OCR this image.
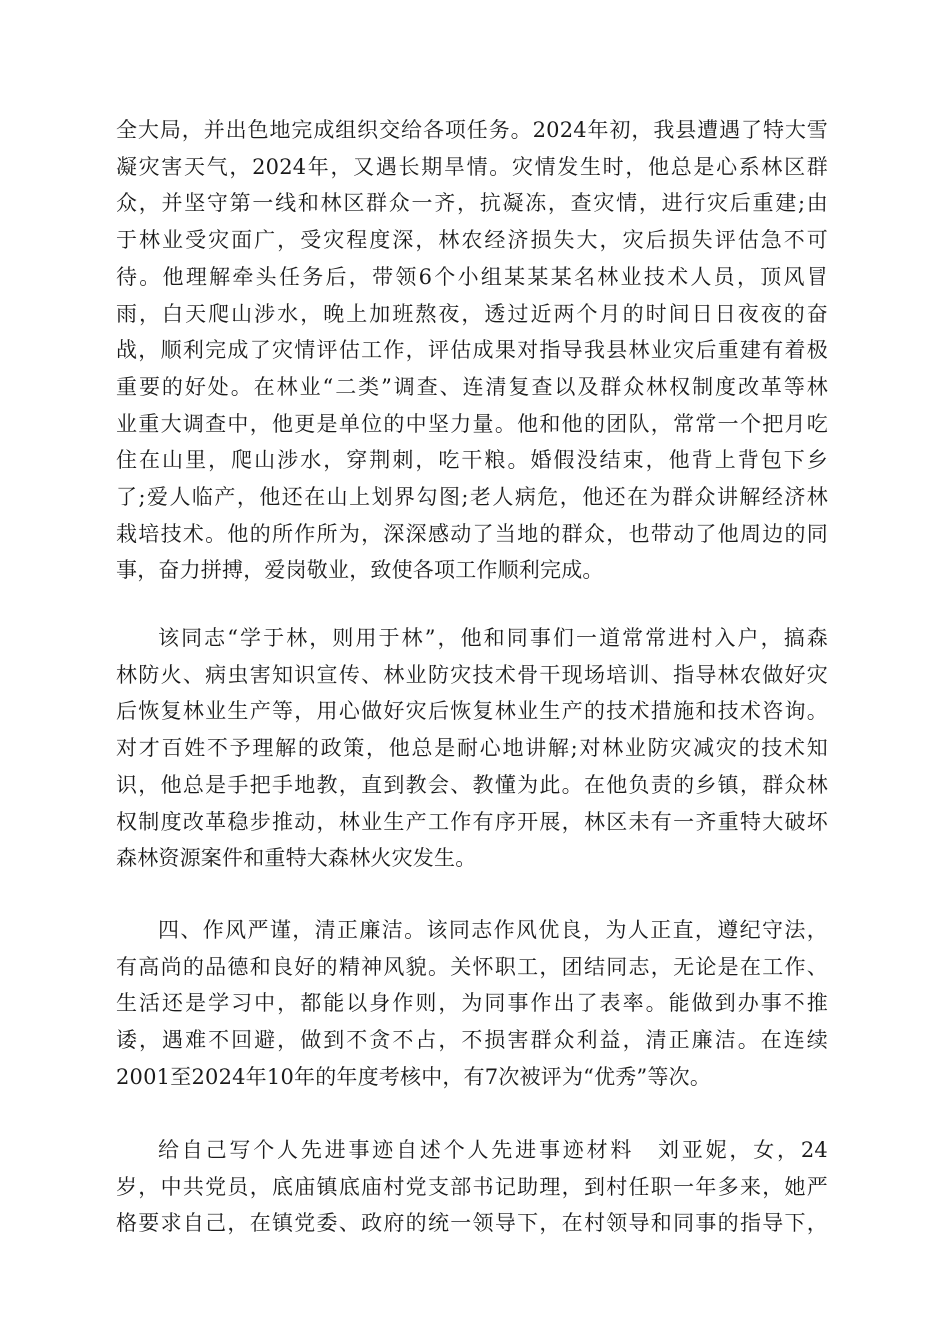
全大局，并出色地完成组织交给各项任务。2024年初，我县遭遇了特大雪
凝灾害天气，2024年，又遇长期旱情。灾情发生时，他总是心系林区群
众，并坚守第一线和林区群众一齐，抗凝冻，查灾情，进行灾后重建;由
于林业受灾面广，受灾程度深，林农经济损失大，灾后损失评估急不可
待。他理解牵头任务后，带领6个小组某某某名林业技术人员，顶风冒
雨，白天爬山涉水，晚上加班熬夜，透过近两个月的时间日日夜夜的奋
战，顺利完成了灾情评估工作，评估成果对指导我县林业灾后重建有着极
重要的好处。在林业“二类”调查、连清复查以及群众林权制度改革等林
业重大调查中，他更是单位的中坚力量。他和他的团队，常常一个把月吃
住在山里，爬山涉水，穿荆刺，吃干粮。婚假没结束，他背上背包下乡
了;爱人临产，他还在山上划界勾图;老人病危，他还在为群众讲解经济林
栽培技术。他的所作所为，深深感动了当地的群众，也带动了他周边的同
事，奋力拼搏，爱岗敬业，致使各项工作顺利完成。
该同志“学于林，则用于林”，他和同事们一道常常进村入户，搞森
林防火、病虫害知识宣传、林业防灾技术骨干现场培训、指导林农做好灾
后恢复林业生产等，用心做好灾后恢复林业生产的技术措施和技术咨询。
对才百姓不予理解的政策，他总是耐心地讲解;对林业防灾减灾的技术知
识，他总是手把手地教，直到教会、教懂为此。在他负责的乡镇，群众林
权制度改革稳步推动，林业生产工作有序开展，林区未有一齐重特大破坏
森林资源案件和重特大森林火灾发生。
四、作风严谨，清正廉洁。该同志作风优良，为人正直，遵纪守法，
有高尚的品德和良好的精神风貌。关怀职工，团结同志，无论是在工作、
生活还是学习中，都能以身作则，为同事作出了表率。能做到办事不推
诿，遇难不回避，做到不贪不占，不损害群众利益，清正廉洁。在连续
2001至2024年10年的年度考核中，有7次被评为“优秀”等次。
给自己写个人先进事迹自述个人先进事迹材料　刘亚妮，女，24
岁，中共党员，底庙镇底庙村党支部书记助理，到村任职一年多来，她严
格要求自己，在镇党委、政府的统一领导下，在村领导和同事的指导下，
